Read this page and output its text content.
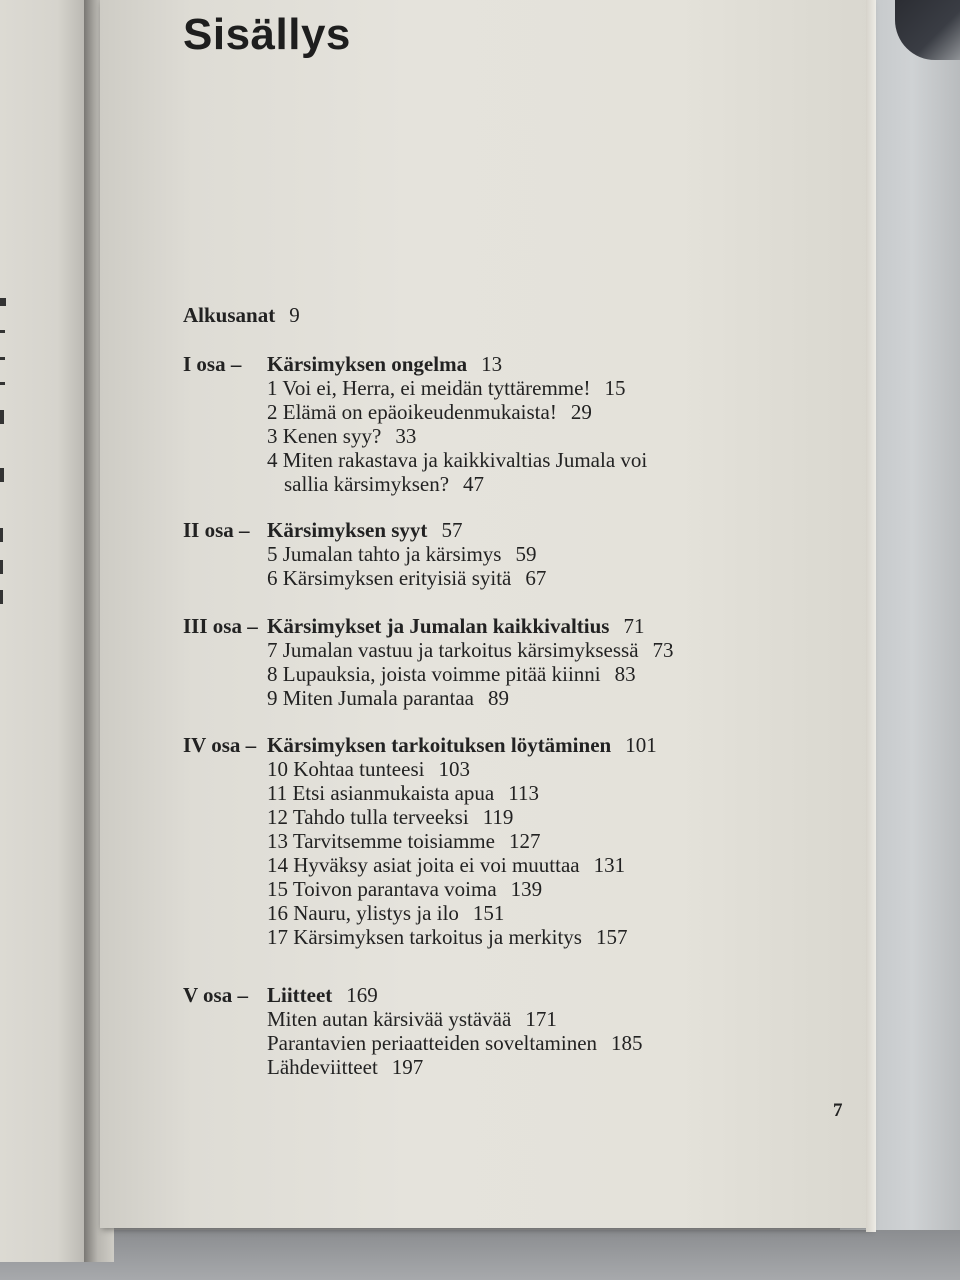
Sisällys
Alkusanat 9
I osa – Kärsimyksen ongelma 13
1 Voi ei, Herra, ei meidän tyttäremme! 15
2 Elämä on epäoikeudenmukaista! 29
3 Kenen syy? 33
4 Miten rakastava ja kaikkivaltias Jumala voi
sallia kärsimyksen? 47
II osa – Kärsimyksen syyt 57
5 Jumalan tahto ja kärsimys 59
6 Kärsimyksen erityisiä syitä 67
III osa – Kärsimykset ja Jumalan kaikkivaltius 71
7 Jumalan vastuu ja tarkoitus kärsimyksessä 73
8 Lupauksia, joista voimme pitää kiinni 83
9 Miten Jumala parantaa 89
IV osa – Kärsimyksen tarkoituksen löytäminen 101
10 Kohtaa tunteesi 103
11 Etsi asianmukaista apua 113
12 Tahdo tulla terveeksi 119
13 Tarvitsemme toisiamme 127
14 Hyväksy asiat joita ei voi muuttaa 131
15 Toivon parantava voima 139
16 Nauru, ylistys ja ilo 151
17 Kärsimyksen tarkoitus ja merkitys 157
V osa – Liitteet 169
Miten autan kärsivää ystävää 171
Parantavien periaatteiden soveltaminen 185
Lähdeviitteet 197
7
